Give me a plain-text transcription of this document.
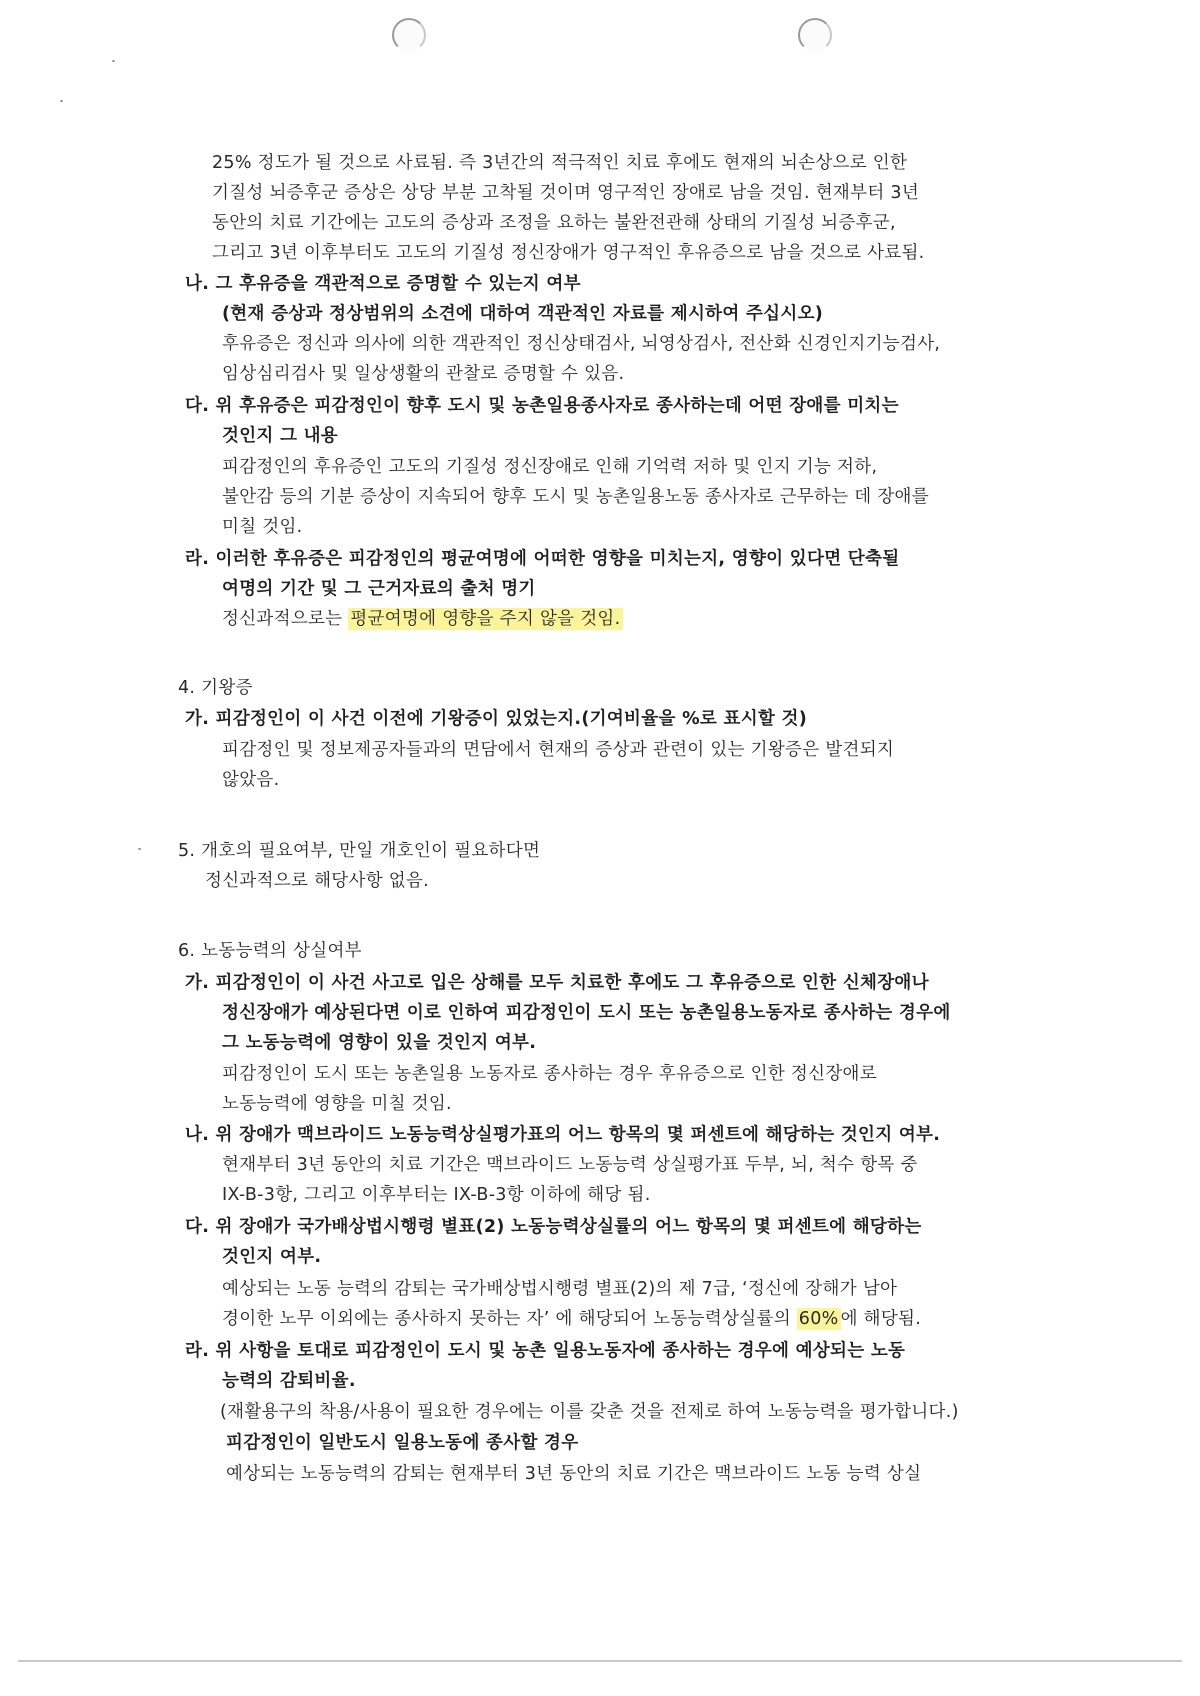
25% 정도가 될 것으로 사료됨. 즉 3년간의 적극적인 치료 후에도 현재의 뇌손상으로 인한
기질성 뇌증후군 증상은 상당 부분 고착될 것이며 영구적인 장애로 남을 것임. 현재부터 3년
동안의 치료 기간에는 고도의 증상과 조정을 요하는 불완전관해 상태의 기질성 뇌증후군,
그리고 3년 이후부터도 고도의 기질성 정신장애가 영구적인 후유증으로 남을 것으로 사료됨.
나. 그 후유증을 객관적으로 증명할 수 있는지 여부
(현재 증상과 정상범위의 소견에 대하여 객관적인 자료를 제시하여 주십시오)
후유증은 정신과 의사에 의한 객관적인 정신상태검사, 뇌영상검사, 전산화 신경인지기능검사,
임상심리검사 및 일상생활의 관찰로 증명할 수 있음.
다. 위 후유증은 피감정인이 향후 도시 및 농촌일용종사자로 종사하는데 어떤 장애를 미치는
것인지 그 내용
피감정인의 후유증인 고도의 기질성 정신장애로 인해 기억력 저하 및 인지 기능 저하,
불안감 등의 기분 증상이 지속되어 향후 도시 및 농촌일용노동 종사자로 근무하는 데 장애를
미칠 것임.
라. 이러한 후유증은 피감정인의 평균여명에 어떠한 영향을 미치는지, 영향이 있다면 단축될
여명의 기간 및 그 근거자료의 출처 명기
정신과적으로는 평균여명에 영향을 주지 않을 것임.
4. 기왕증
가. 피감정인이 이 사건 이전에 기왕증이 있었는지.(기여비율을 %로 표시할 것)
피감정인 및 정보제공자들과의 면담에서 현재의 증상과 관련이 있는 기왕증은 발견되지
않았음.
5. 개호의 필요여부, 만일 개호인이 필요하다면
정신과적으로 해당사항 없음.
6. 노동능력의 상실여부
가. 피감정인이 이 사건 사고로 입은 상해를 모두 치료한 후에도 그 후유증으로 인한 신체장애나
정신장애가 예상된다면 이로 인하여 피감정인이 도시 또는 농촌일용노동자로 종사하는 경우에
그 노동능력에 영향이 있을 것인지 여부.
피감정인이 도시 또는 농촌일용 노동자로 종사하는 경우 후유증으로 인한 정신장애로
노동능력에 영향을 미칠 것임.
나. 위 장애가 맥브라이드 노동능력상실평가표의 어느 항목의 몇 퍼센트에 해당하는 것인지 여부.
현재부터 3년 동안의 치료 기간은 맥브라이드 노동능력 상실평가표 두부, 뇌, 척수 항목 중
IX-B-3항, 그리고 이후부터는 IX-B-3항 이하에 해당 됨.
다. 위 장애가 국가배상법시행령 별표(2) 노동능력상실률의 어느 항목의 몇 퍼센트에 해당하는
것인지 여부.
예상되는 노동 능력의 감퇴는 국가배상법시행령 별표(2)의 제 7급, ‘정신에 장해가 남아
경이한 노무 이외에는 종사하지 못하는 자’ 에 해당되어 노동능력상실률의 60% 에 해당됨.
라. 위 사항을 토대로 피감정인이 도시 및 농촌 일용노동자에 종사하는 경우에 예상되는 노동
능력의 감퇴비율.
(재활용구의 착용/사용이 필요한 경우에는 이를 갖춘 것을 전제로 하여 노동능력을 평가합니다.)
피감정인이 일반도시 일용노동에 종사할 경우
예상되는 노동능력의 감퇴는 현재부터 3년 동안의 치료 기간은 맥브라이드 노동 능력 상실
